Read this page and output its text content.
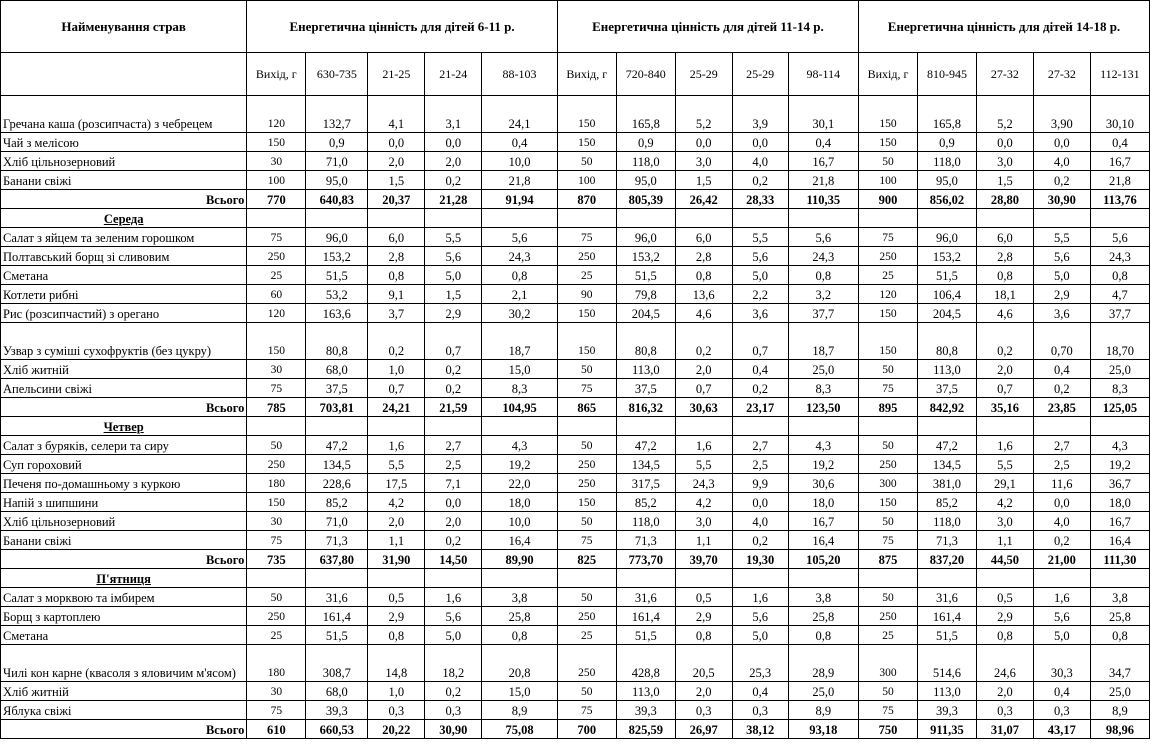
Найменування страв	Енергетична цінність для дітей 6-11 р.					Енергетична цінність для дітей 11-14 р.					Енергетична цінність для дітей 14-18 р.				
	Вихід, г	630-735	21-25	21-24	88-103	Вихід, г	720-840	25-29	25-29	98-114	Вихід, г	810-945	27-32	27-32	112-131
Гречана каша (розсипчаста) з чебрецем	120	132,7	4,1	3,1	24,1	150	165,8	5,2	3,9	30,1	150	165,8	5,2	3,90	30,10
Чай з мелісою	150	0,9	0,0	0,0	0,4	150	0,9	0,0	0,0	0,4	150	0,9	0,0	0,0	0,4
Хліб цільнозерновий	30	71,0	2,0	2,0	10,0	50	118,0	3,0	4,0	16,7	50	118,0	3,0	4,0	16,7
Банани свіжі	100	95,0	1,5	0,2	21,8	100	95,0	1,5	0,2	21,8	100	95,0	1,5	0,2	21,8
Всього	770	640,83	20,37	21,28	91,94	870	805,39	26,42	28,33	110,35	900	856,02	28,80	30,90	113,76
Середа															
Салат з яйцем та зеленим горошком	75	96,0	6,0	5,5	5,6	75	96,0	6,0	5,5	5,6	75	96,0	6,0	5,5	5,6
Полтавський борщ зі сливовим	250	153,2	2,8	5,6	24,3	250	153,2	2,8	5,6	24,3	250	153,2	2,8	5,6	24,3
Сметана	25	51,5	0,8	5,0	0,8	25	51,5	0,8	5,0	0,8	25	51,5	0,8	5,0	0,8
Котлети рибні	60	53,2	9,1	1,5	2,1	90	79,8	13,6	2,2	3,2	120	106,4	18,1	2,9	4,7
Рис (розсипчастий) з орегано	120	163,6	3,7	2,9	30,2	150	204,5	4,6	3,6	37,7	150	204,5	4,6	3,6	37,7
Узвар з суміші сухофруктів (без цукру)	150	80,8	0,2	0,7	18,7	150	80,8	0,2	0,7	18,7	150	80,8	0,2	0,70	18,70
Хліб житній	30	68,0	1,0	0,2	15,0	50	113,0	2,0	0,4	25,0	50	113,0	2,0	0,4	25,0
Апельсини свіжі	75	37,5	0,7	0,2	8,3	75	37,5	0,7	0,2	8,3	75	37,5	0,7	0,2	8,3
Всього	785	703,81	24,21	21,59	104,95	865	816,32	30,63	23,17	123,50	895	842,92	35,16	23,85	125,05
Четвер															
Салат з буряків, селери та сиру	50	47,2	1,6	2,7	4,3	50	47,2	1,6	2,7	4,3	50	47,2	1,6	2,7	4,3
Суп гороховий	250	134,5	5,5	2,5	19,2	250	134,5	5,5	2,5	19,2	250	134,5	5,5	2,5	19,2
Печеня по-домашньому з куркою	180	228,6	17,5	7,1	22,0	250	317,5	24,3	9,9	30,6	300	381,0	29,1	11,6	36,7
Напій з шипшини	150	85,2	4,2	0,0	18,0	150	85,2	4,2	0,0	18,0	150	85,2	4,2	0,0	18,0
Хліб цільнозерновий	30	71,0	2,0	2,0	10,0	50	118,0	3,0	4,0	16,7	50	118,0	3,0	4,0	16,7
Банани свіжі	75	71,3	1,1	0,2	16,4	75	71,3	1,1	0,2	16,4	75	71,3	1,1	0,2	16,4
Всього	735	637,80	31,90	14,50	89,90	825	773,70	39,70	19,30	105,20	875	837,20	44,50	21,00	111,30
П'ятниця															
Салат з морквою та імбирем	50	31,6	0,5	1,6	3,8	50	31,6	0,5	1,6	3,8	50	31,6	0,5	1,6	3,8
Борщ з картоплею	250	161,4	2,9	5,6	25,8	250	161,4	2,9	5,6	25,8	250	161,4	2,9	5,6	25,8
Сметана	25	51,5	0,8	5,0	0,8	25	51,5	0,8	5,0	0,8	25	51,5	0,8	5,0	0,8
Чилі кон карне (квасоля з яловичим м'ясом)	180	308,7	14,8	18,2	20,8	250	428,8	20,5	25,3	28,9	300	514,6	24,6	30,3	34,7
Хліб житній	30	68,0	1,0	0,2	15,0	50	113,0	2,0	0,4	25,0	50	113,0	2,0	0,4	25,0
Яблука свіжі	75	39,3	0,3	0,3	8,9	75	39,3	0,3	0,3	8,9	75	39,3	0,3	0,3	8,9
Всього	610	660,53	20,22	30,90	75,08	700	825,59	26,97	38,12	93,18	750	911,35	31,07	43,17	98,96
